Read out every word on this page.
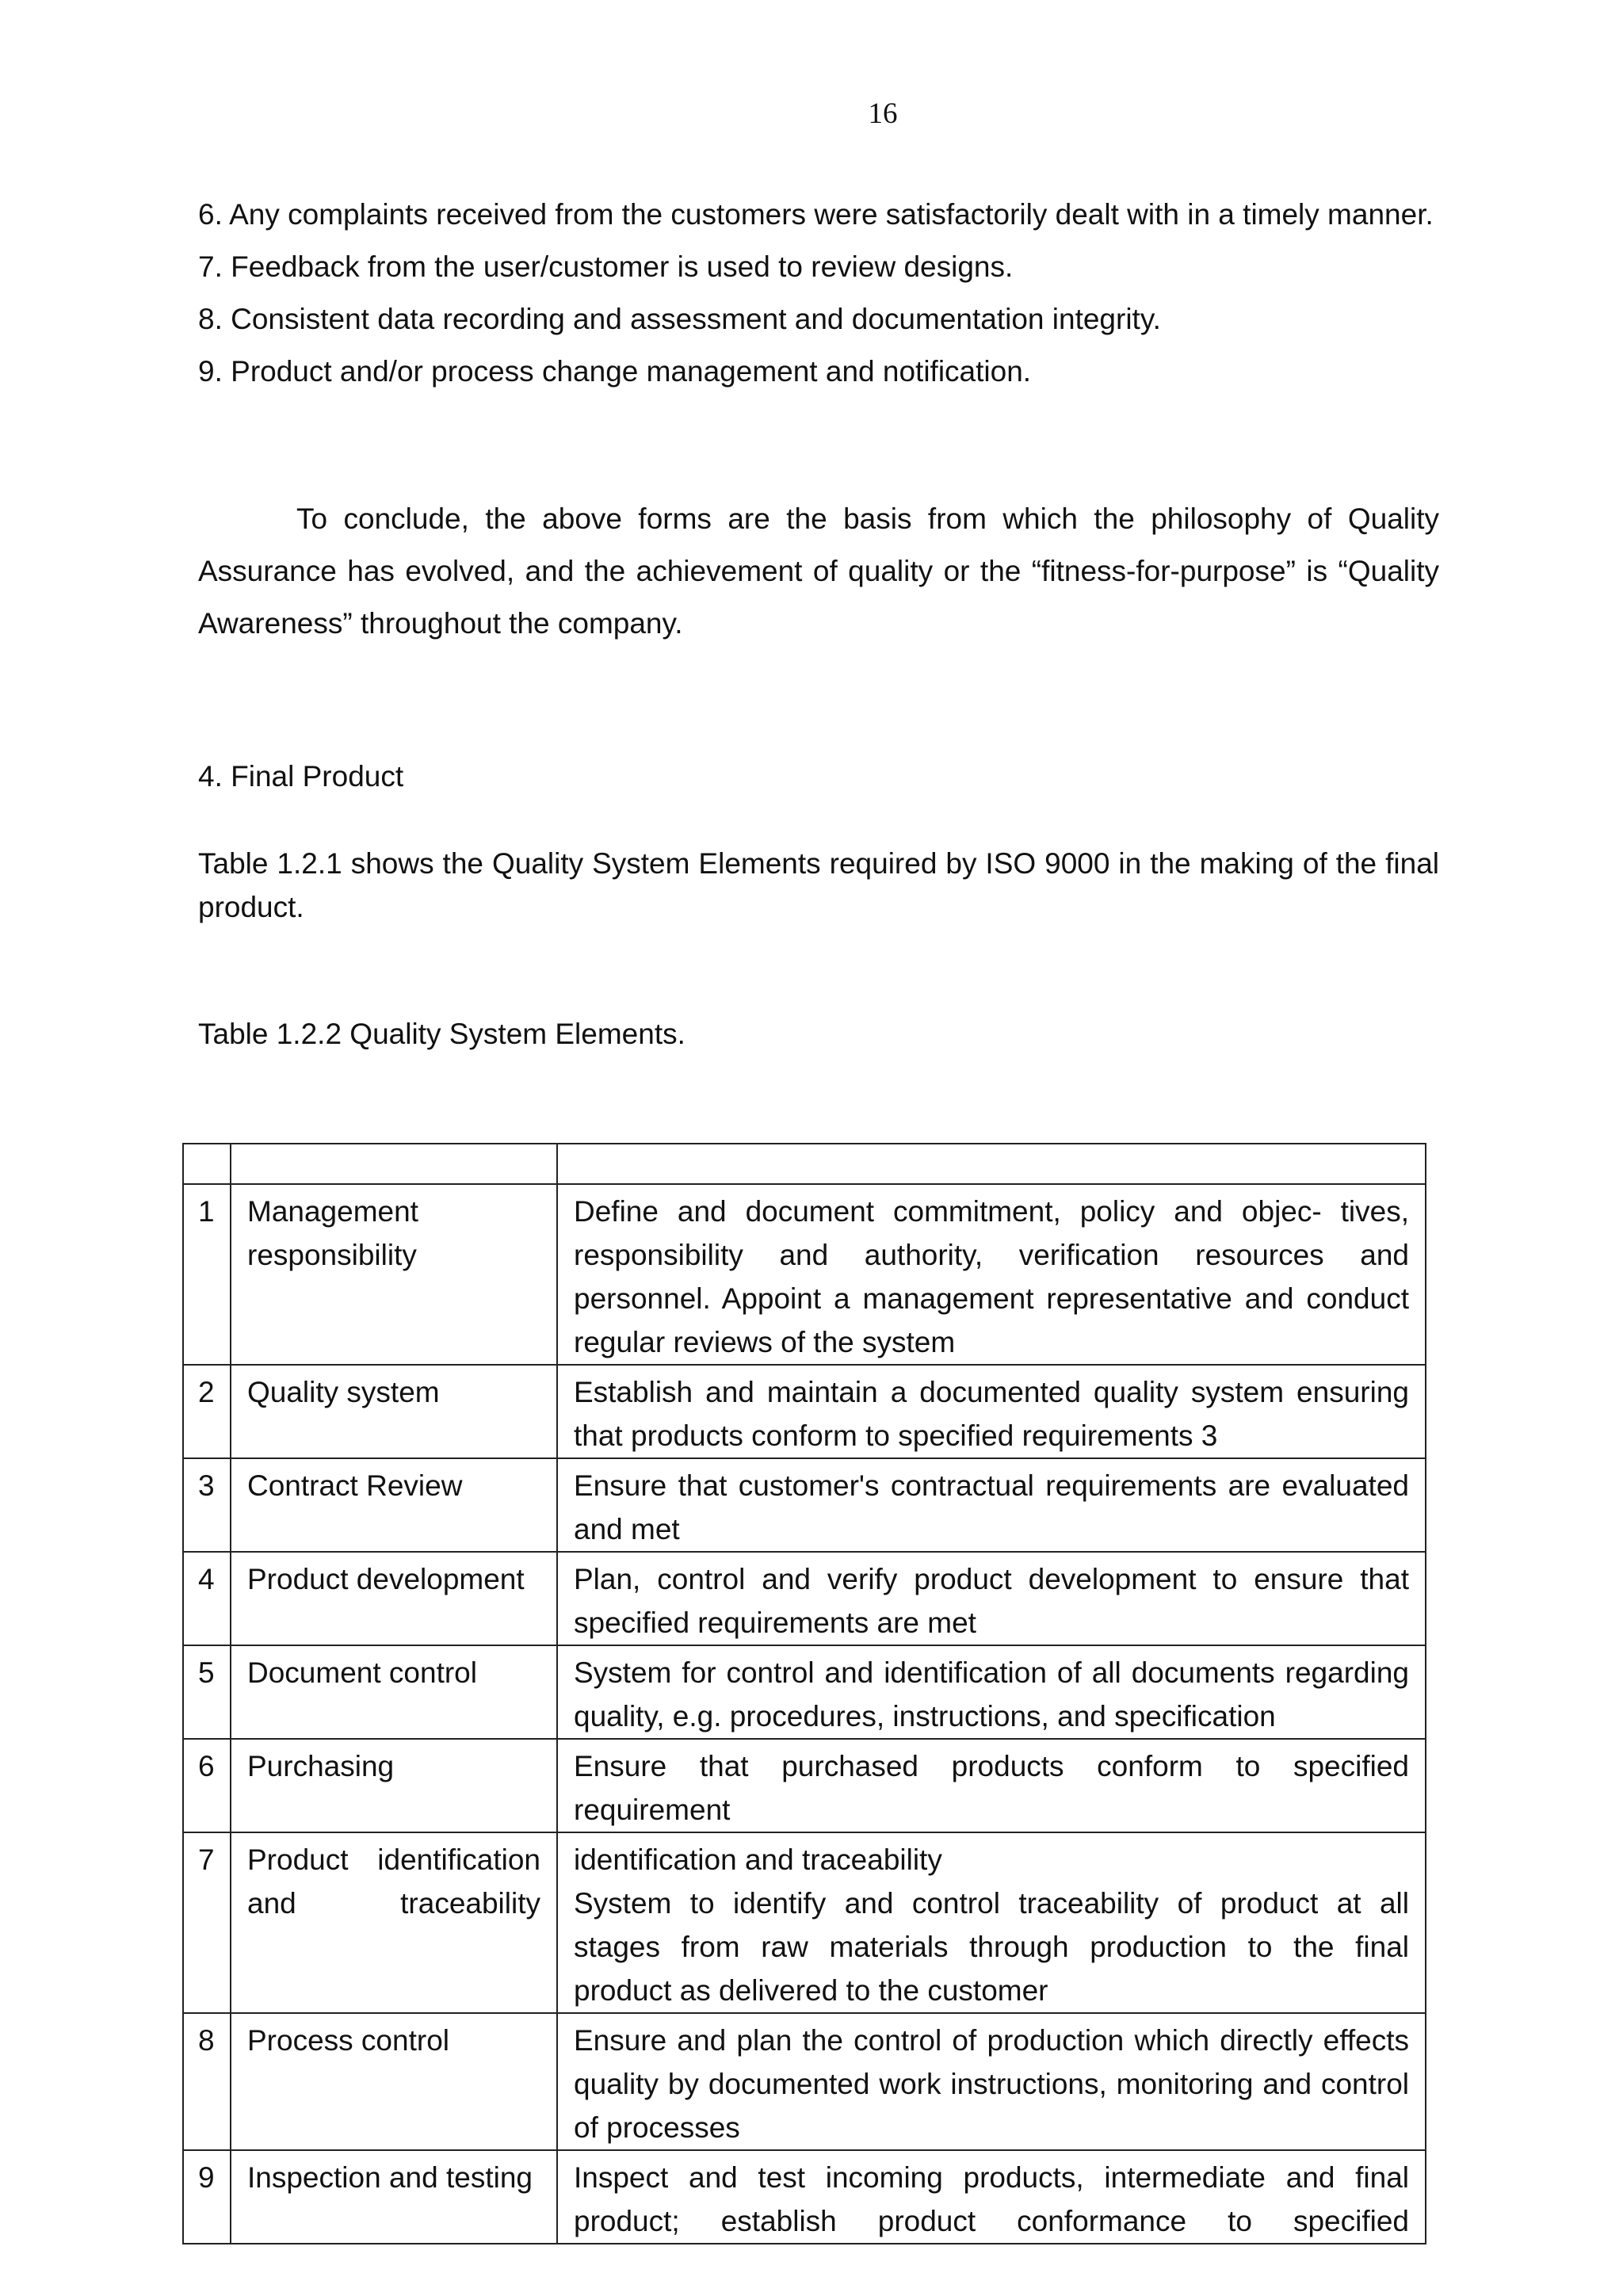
16

6. Any complaints received from the customers were satisfactorily dealt with in a timely manner.

7. Feedback from the user/customer is used to review designs.

8. Consistent data recording and assessment and documentation integrity.

9. Product and/or process change management and notification.

To conclude, the above forms are the basis from which the philosophy of Quality Assurance has evolved, and the achievement of quality or the “fitness-for-purpose” is “Quality Awareness” throughout the company.

4. Final Product

Table 1.2.1 shows the Quality System Elements required by ISO 9000 in the making of the final product.

Table 1.2.2 Quality System Elements.

1	Management responsibility	Define and document commitment, policy and objec- tives, responsibility and authority, verification resources and personnel. Appoint a management representative and conduct regular reviews of the system
2	Quality system	Establish and maintain a documented quality system ensuring that products conform to specified requirements 3
3	Contract Review	Ensure that customer's contractual requirements are evaluated and met
4	Product development	Plan, control and verify product development to ensure that specified requirements are met
5	Document control	System for control and identification of all documents regarding quality, e.g. procedures, instructions, and specification
6	Purchasing	Ensure that purchased products conform to specified requirement
7	Product identification and traceability	identification and traceability
System to identify and control traceability of product at all stages from raw materials through production to the final product as delivered to the customer

8	Process control	Ensure and plan the control of production which directly effects quality by documented work instructions, monitoring and control of processes
9	Inspection and testing	Inspect and test incoming products, intermediate and final product; establish product conformance to specified
